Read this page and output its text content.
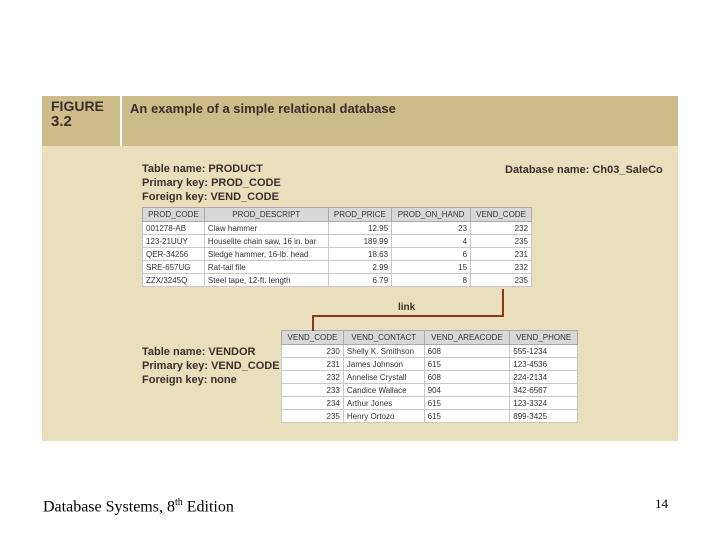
FIGURE
3.2
An example of a simple relational database
Table name: PRODUCT
Primary key: PROD_CODE
Foreign key: VEND_CODE
Database name: Ch03_SaleCo
PROD_CODE	PROD_DESCRIPT	PROD_PRICE	PROD_ON_HAND	VEND_CODE
001278-AB	Claw hammer	12.95	23	232
123-21UUY	Houselite chain saw, 16 in. bar	189.99	4	235
QER-34256	Sledge hammer, 16-lb. head	18.63	6	231
SRE-657UG	Rat-tail file	2.99	15	232
ZZX/3245Q	Steel tape, 12-ft. length	6.79	8	235
Table name: VENDOR
Primary key: VEND_CODE
Foreign key: none
VEND_CODE	VEND_CONTACT	VEND_AREACODE	VEND_PHONE
230	Shelly K. Smithson	608	555-1234
231	James Johnson	615	123-4536
232	Annelise Crystall	608	224-2134
233	Candice Wallace	904	342-6567
234	Arthur Jones	615	123-3324
235	Henry Ortozo	615	899-3425
link
Database Systems, 8th Edition	14
